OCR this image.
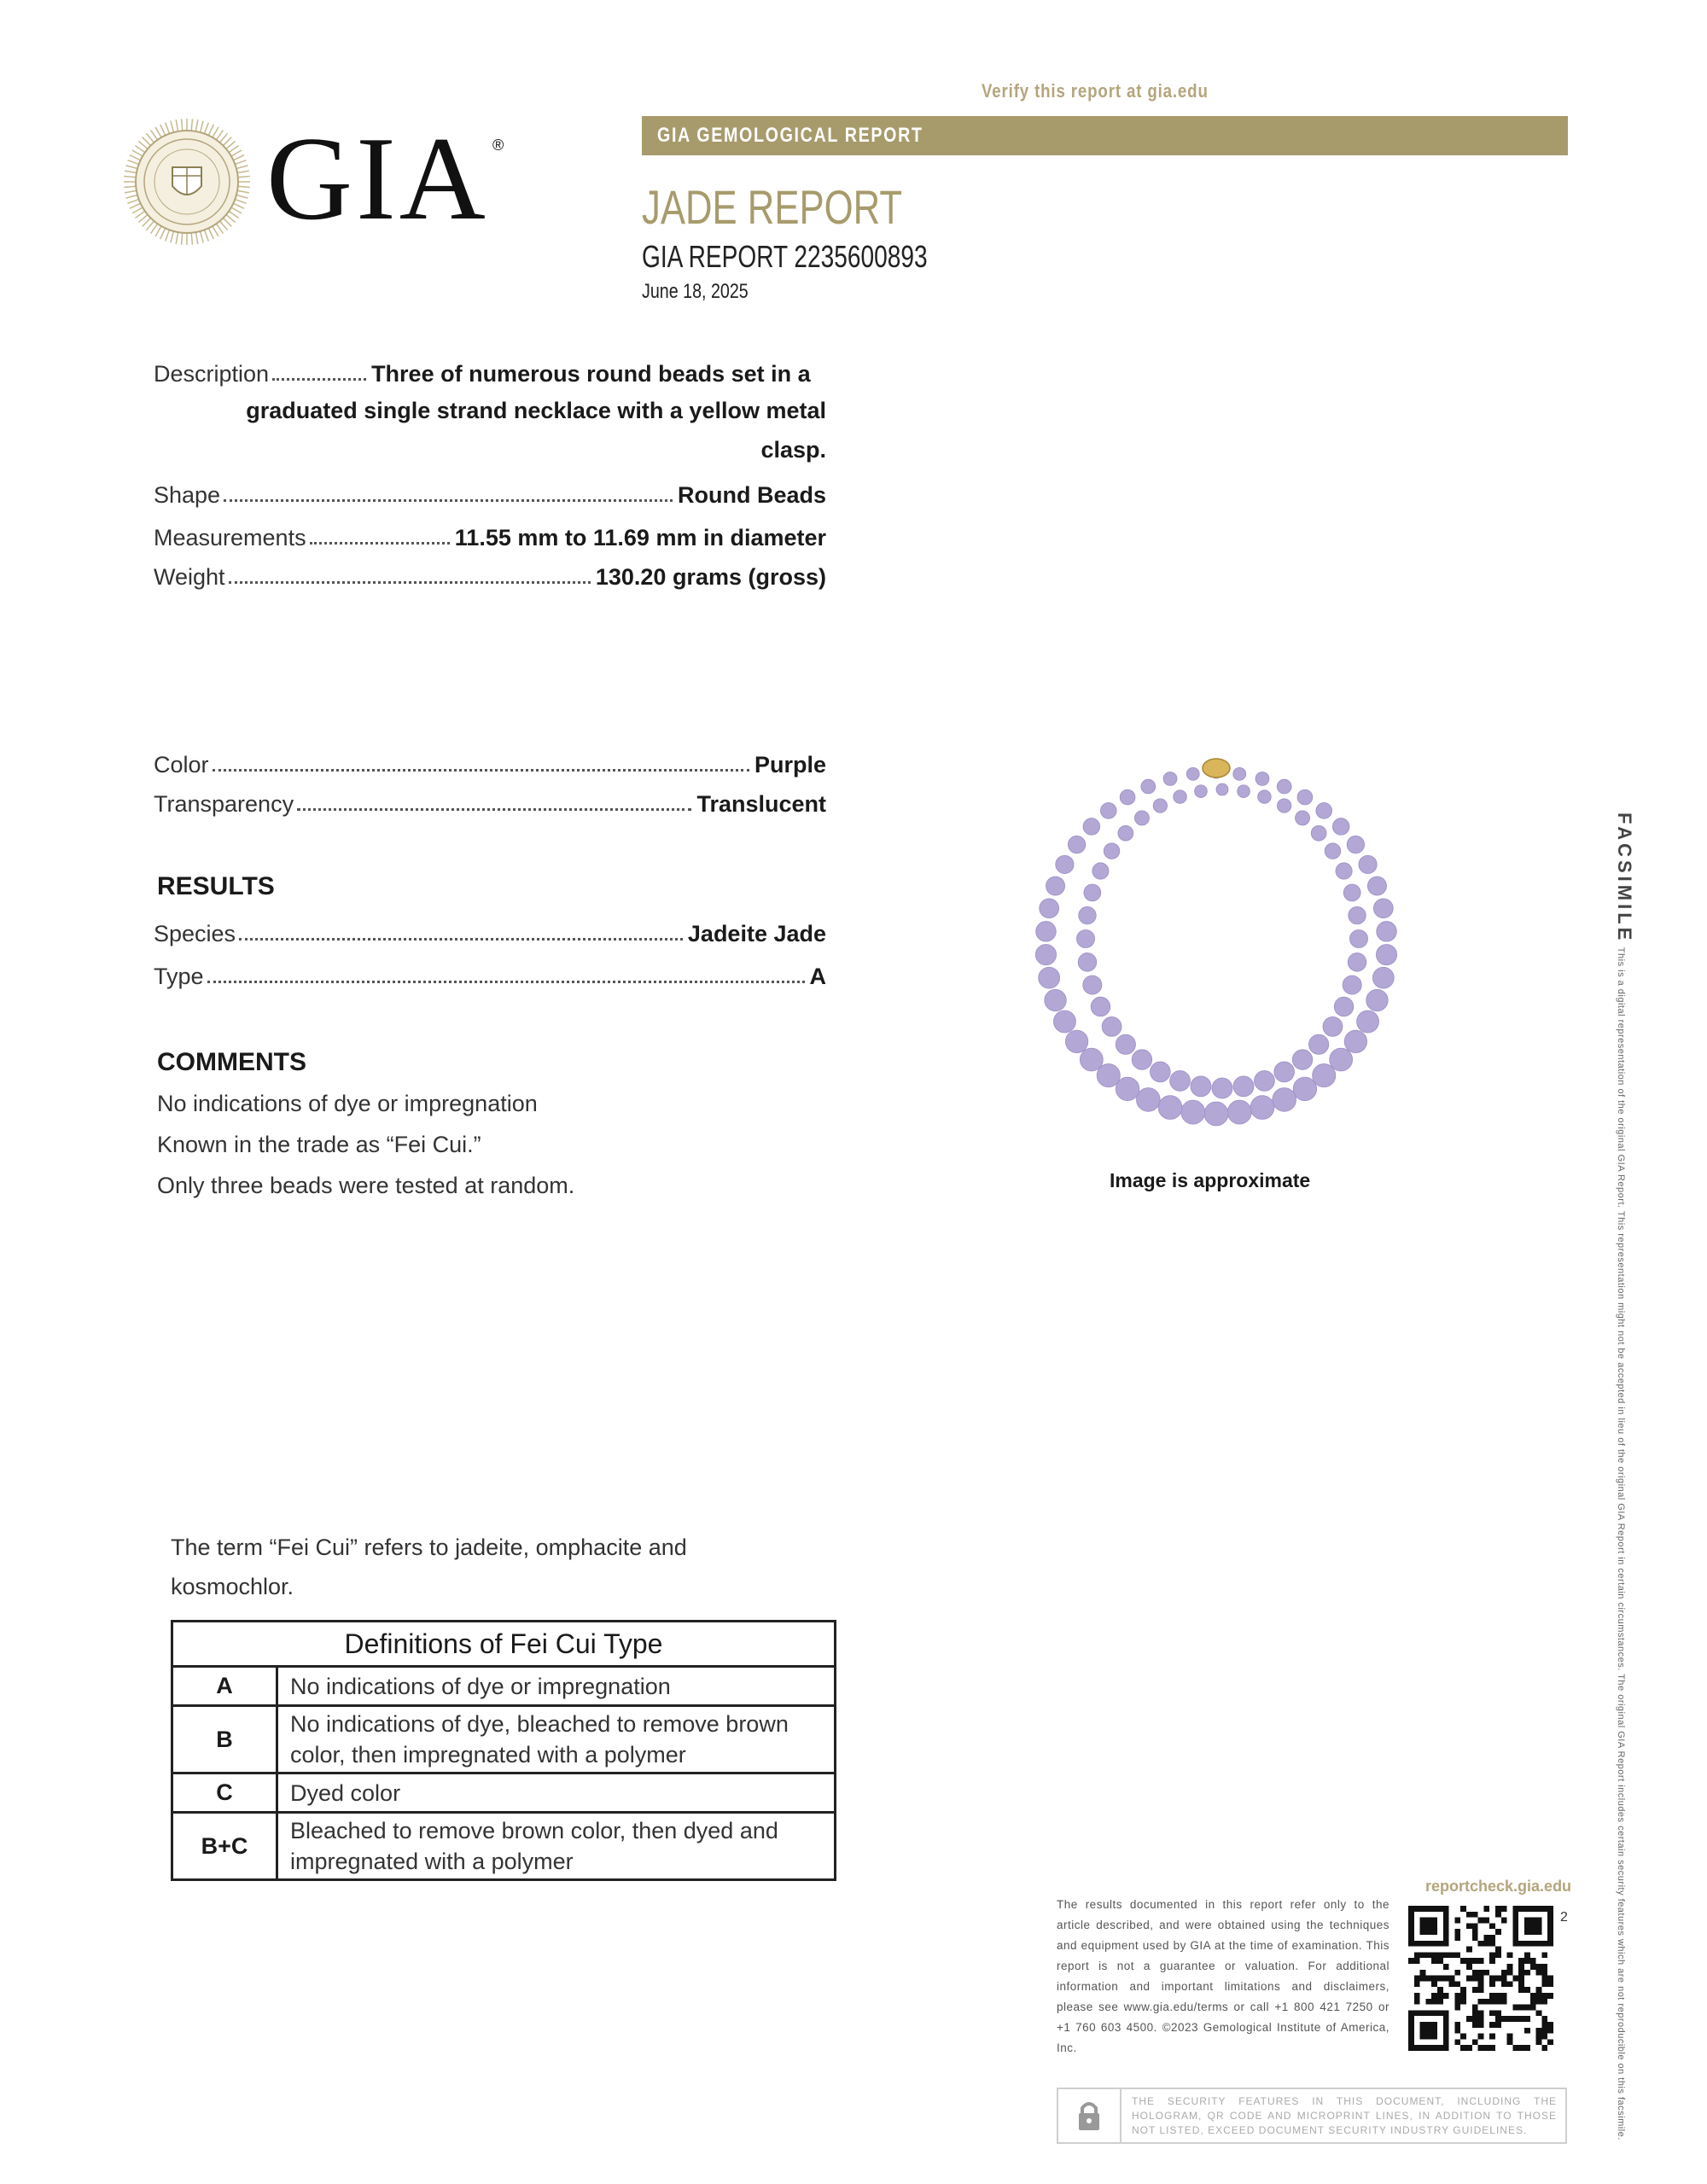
Verify this report at gia.edu
GIA ®	GIA GEMOLOGICAL REPORT
JADE REPORT
GIA REPORT 2235600893
June 18, 2025
Description	Three of numerous round beads set in a
graduated single strand necklace with a yellow metal
clasp.
Shape	Round Beads
Measurements	11.55 mm to 11.69 mm in diameter
Weight	130.20 grams (gross)
Color	Purple
Transparency	Translucent
RESULTS
Species	Jadeite Jade
Type	A
COMMENTS
No indications of dye or impregnation
Known in the trade as “Fei Cui.”
Only three beads were tested at random.	Image is approximate
FACSIMILE This is a digital representation of the original GIA Report. This representation might not be accepted in lieu of the original GIA Report in certain circumstances. The original GIA Report includes certain security features which are not reproducible on this facsimile.
The term “Fei Cui” refers to jadeite, omphacite and kosmochlor.
Definitions of Fei Cui Type	
A	No indications of dye or impregnation
B	No indications of dye, bleached to remove brown color, then impregnated with a polymer
C	Dyed color
B+C	Bleached to remove brown color, then dyed and impregnated with a polymer
The results documented in this report refer only to the article described, and were obtained using the techniques and equipment used by GIA at the time of examination. This report is not a guarantee or valuation. For additional information and important limitations and disclaimers, please see www.gia.edu/terms or call +1 800 421 7250 or +1 760 603 4500. ©2023 Gemological Institute of America, Inc.
reportcheck.gia.edu
2
THE SECURITY FEATURES IN THIS DOCUMENT, INCLUDING THE HOLOGRAM, QR CODE AND MICROPRINT LINES, IN ADDITION TO THOSE NOT LISTED, EXCEED DOCUMENT SECURITY INDUSTRY GUIDELINES.
